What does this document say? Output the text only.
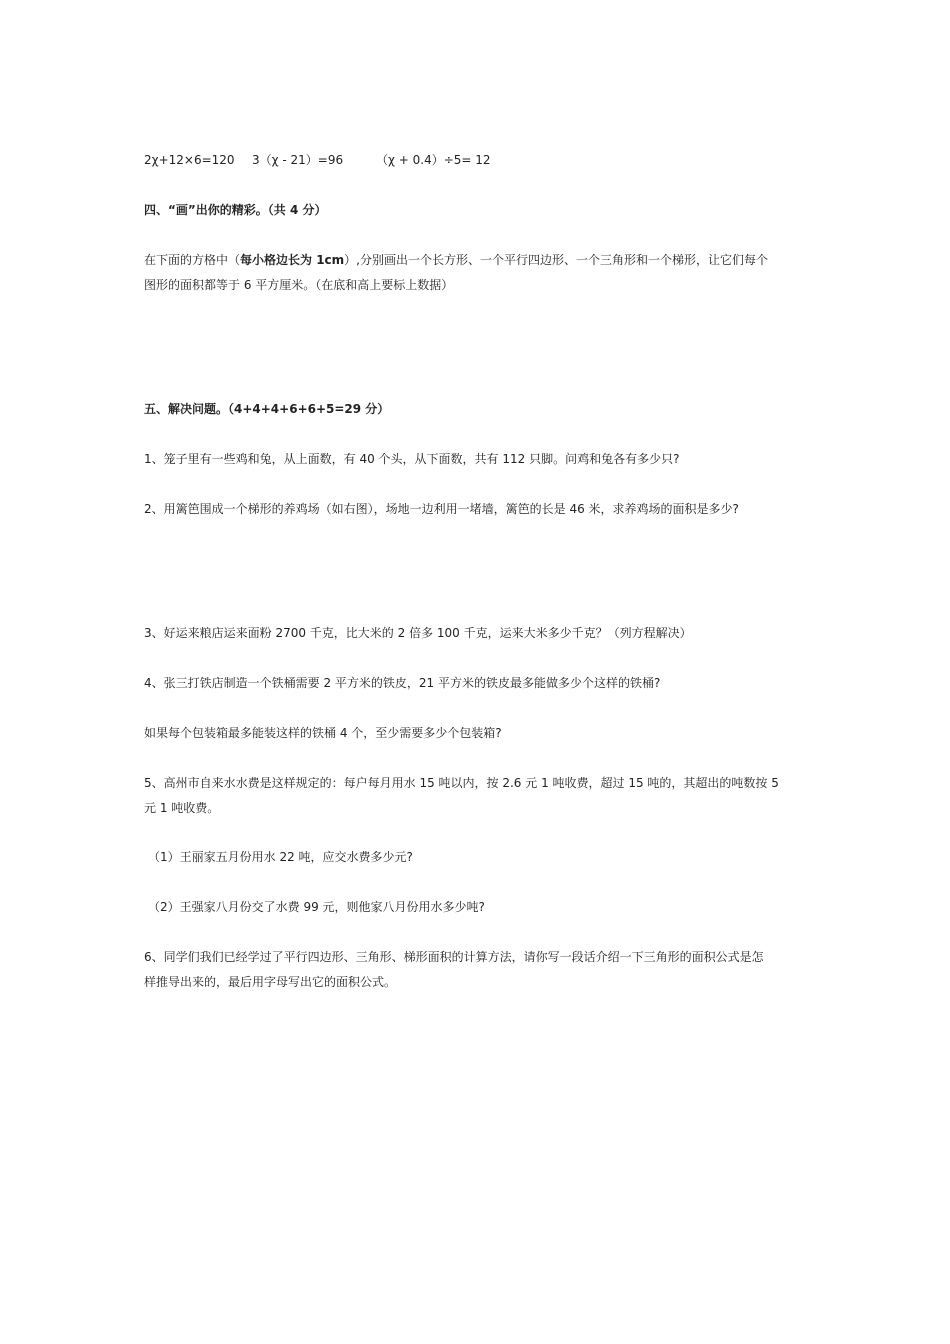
2χ+12×6=120 3（χ - 21）=96	（χ + 0.4）÷5= 12
四、“画”出你的精彩。（共 4 分）
在下面的方格中（每小格边长为 1cm）,分别画出一个长方形、一个平行四边形、一个三角形和一个梯形，让它们每个
图形的面积都等于 6 平方厘米。（在底和高上要标上数据）
五、解决问题。（4+4+4+6+6+5=29 分）
1、笼子里有一些鸡和兔，从上面数，有 40 个头，从下面数，共有 112 只脚。问鸡和兔各有多少只?
2、用篱笆围成一个梯形的养鸡场（如右图），场地一边利用一堵墙，篱笆的长是 46 米，求养鸡场的面积是多少?
3、好运来粮店运来面粉 2700 千克，比大米的 2 倍多 100 千克，运来大米多少千克？（列方程解决）
4、张三打铁店制造一个铁桶需要 2 平方米的铁皮，21 平方米的铁皮最多能做多少个这样的铁桶?
如果每个包装箱最多能装这样的铁桶 4 个，至少需要多少个包装箱?
5、高州市自来水水费是这样规定的：每户每月用水 15 吨以内，按 2.6 元 1 吨收费，超过 15 吨的，其超出的吨数按 5
元 1 吨收费。
（1）王丽家五月份用水 22 吨，应交水费多少元?
（2）王强家八月份交了水费 99 元，则他家八月份用水多少吨?
6、同学们我们已经学过了平行四边形、三角形、梯形面积的计算方法，请你写一段话介绍一下三角形的面积公式是怎
样推导出来的，最后用字母写出它的面积公式。
